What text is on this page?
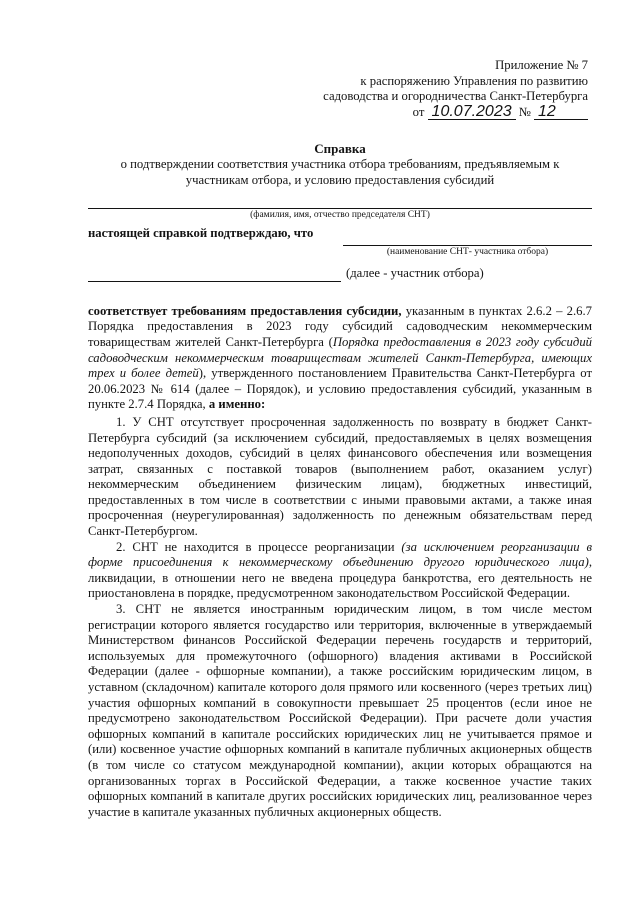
Приложение № 7
к распоряжению Управления по развитию
садоводства и огородничества Санкт-Петербурга
от 10.07.2023 № 12
Справка
о подтверждении соответствия участника отбора требованиям, предъявляемым к участникам отбора, и условию предоставления субсидий
(фамилия, имя, отчество председателя СНТ)
настоящей справкой подтверждаю, что
(наименование СНТ- участника отбора)
(далее - участник отбора)
соответствует требованиям предоставления субсидии, указанным в пунктах 2.6.2 – 2.6.7 Порядка предоставления в 2023 году субсидий садоводческим некоммерческим товариществам жителей Санкт-Петербурга (Порядка предоставления в 2023 году субсидий садоводческим некоммерческим товариществам жителей Санкт-Петербурга, имеющих трех и более детей), утвержденного постановлением Правительства Санкт-Петербурга от 20.06.2023 № 614 (далее – Порядок), и условию предоставления субсидий, указанным в пункте 2.7.4 Порядка, а именно:
1. У СНТ отсутствует просроченная задолженность по возврату в бюджет Санкт-Петербурга субсидий (за исключением субсидий, предоставляемых в целях возмещения недополученных доходов, субсидий в целях финансового обеспечения или возмещения затрат, связанных с поставкой товаров (выполнением работ, оказанием услуг) некоммерческим объединением физическим лицам), бюджетных инвестиций, предоставленных в том числе в соответствии с иными правовыми актами, а также иная просроченная (неурегулированная) задолженность по денежным обязательствам перед Санкт-Петербургом.
2. СНТ не находится в процессе реорганизации (за исключением реорганизации в форме присоединения к некоммерческому объединению другого юридического лица), ликвидации, в отношении него не введена процедура банкротства, его деятельность не приостановлена в порядке, предусмотренном законодательством Российской Федерации.
3. СНТ не является иностранным юридическим лицом, в том числе местом регистрации которого является государство или территория, включенные в утверждаемый Министерством финансов Российской Федерации перечень государств и территорий, используемых для промежуточного (офшорного) владения активами в Российской Федерации (далее - офшорные компании), а также российским юридическим лицом, в уставном (складочном) капитале которого доля прямого или косвенного (через третьих лиц) участия офшорных компаний в совокупности превышает 25 процентов (если иное не предусмотрено законодательством Российской Федерации). При расчете доли участия офшорных компаний в капитале российских юридических лиц не учитывается прямое и (или) косвенное участие офшорных компаний в капитале публичных акционерных обществ (в том числе со статусом международной компании), акции которых обращаются на организованных торгах в Российской Федерации, а также косвенное участие таких офшорных компаний в капитале других российских юридических лиц, реализованное через участие в капитале указанных публичных акционерных обществ.
